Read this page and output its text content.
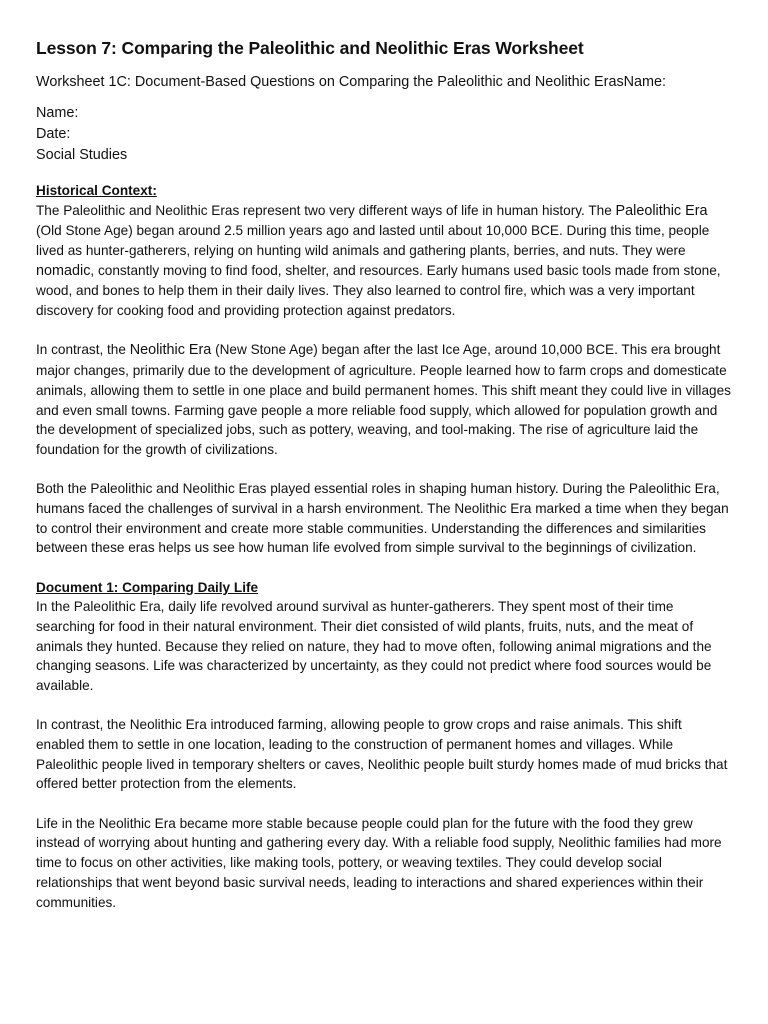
Lesson 7: Comparing the Paleolithic and Neolithic Eras Worksheet

Worksheet 1C: Document-Based Questions on Comparing the Paleolithic and Neolithic ErasName:

Name:
Date:
Social Studies
Historical Context:

The Paleolithic and Neolithic Eras represent two very different ways of life in human history. The Paleolithic Era (Old Stone Age) began around 2.5 million years ago and lasted until about 10,000 BCE. During this time, people lived as hunter-gatherers, relying on hunting wild animals and gathering plants, berries, and nuts. They were nomadic, constantly moving to find food, shelter, and resources. Early humans used basic tools made from stone, wood, and bones to help them in their daily lives. They also learned to control fire, which was a very important discovery for cooking food and providing protection against predators.

In contrast, the Neolithic Era (New Stone Age) began after the last Ice Age, around 10,000 BCE. This era brought major changes, primarily due to the development of agriculture. People learned how to farm crops and domesticate animals, allowing them to settle in one place and build permanent homes. This shift meant they could live in villages and even small towns. Farming gave people a more reliable food supply, which allowed for population growth and the development of specialized jobs, such as pottery, weaving, and tool-making. The rise of agriculture laid the foundation for the growth of civilizations.

Both the Paleolithic and Neolithic Eras played essential roles in shaping human history. During the Paleolithic Era, humans faced the challenges of survival in a harsh environment. The Neolithic Era marked a time when they began to control their environment and create more stable communities. Understanding the differences and similarities between these eras helps us see how human life evolved from simple survival to the beginnings of civilization.

Document 1: Comparing Daily Life

In the Paleolithic Era, daily life revolved around survival as hunter-gatherers. They spent most of their time searching for food in their natural environment. Their diet consisted of wild plants, fruits, nuts, and the meat of animals they hunted. Because they relied on nature, they had to move often, following animal migrations and the changing seasons. Life was characterized by uncertainty, as they could not predict where food sources would be available.

In contrast, the Neolithic Era introduced farming, allowing people to grow crops and raise animals. This shift enabled them to settle in one location, leading to the construction of permanent homes and villages. While Paleolithic people lived in temporary shelters or caves, Neolithic people built sturdy homes made of mud bricks that offered better protection from the elements.

Life in the Neolithic Era became more stable because people could plan for the future with the food they grew instead of worrying about hunting and gathering every day. With a reliable food supply, Neolithic families had more time to focus on other activities, like making tools, pottery, or weaving textiles. They could develop social relationships that went beyond basic survival needs, leading to interactions and shared experiences within their communities.
